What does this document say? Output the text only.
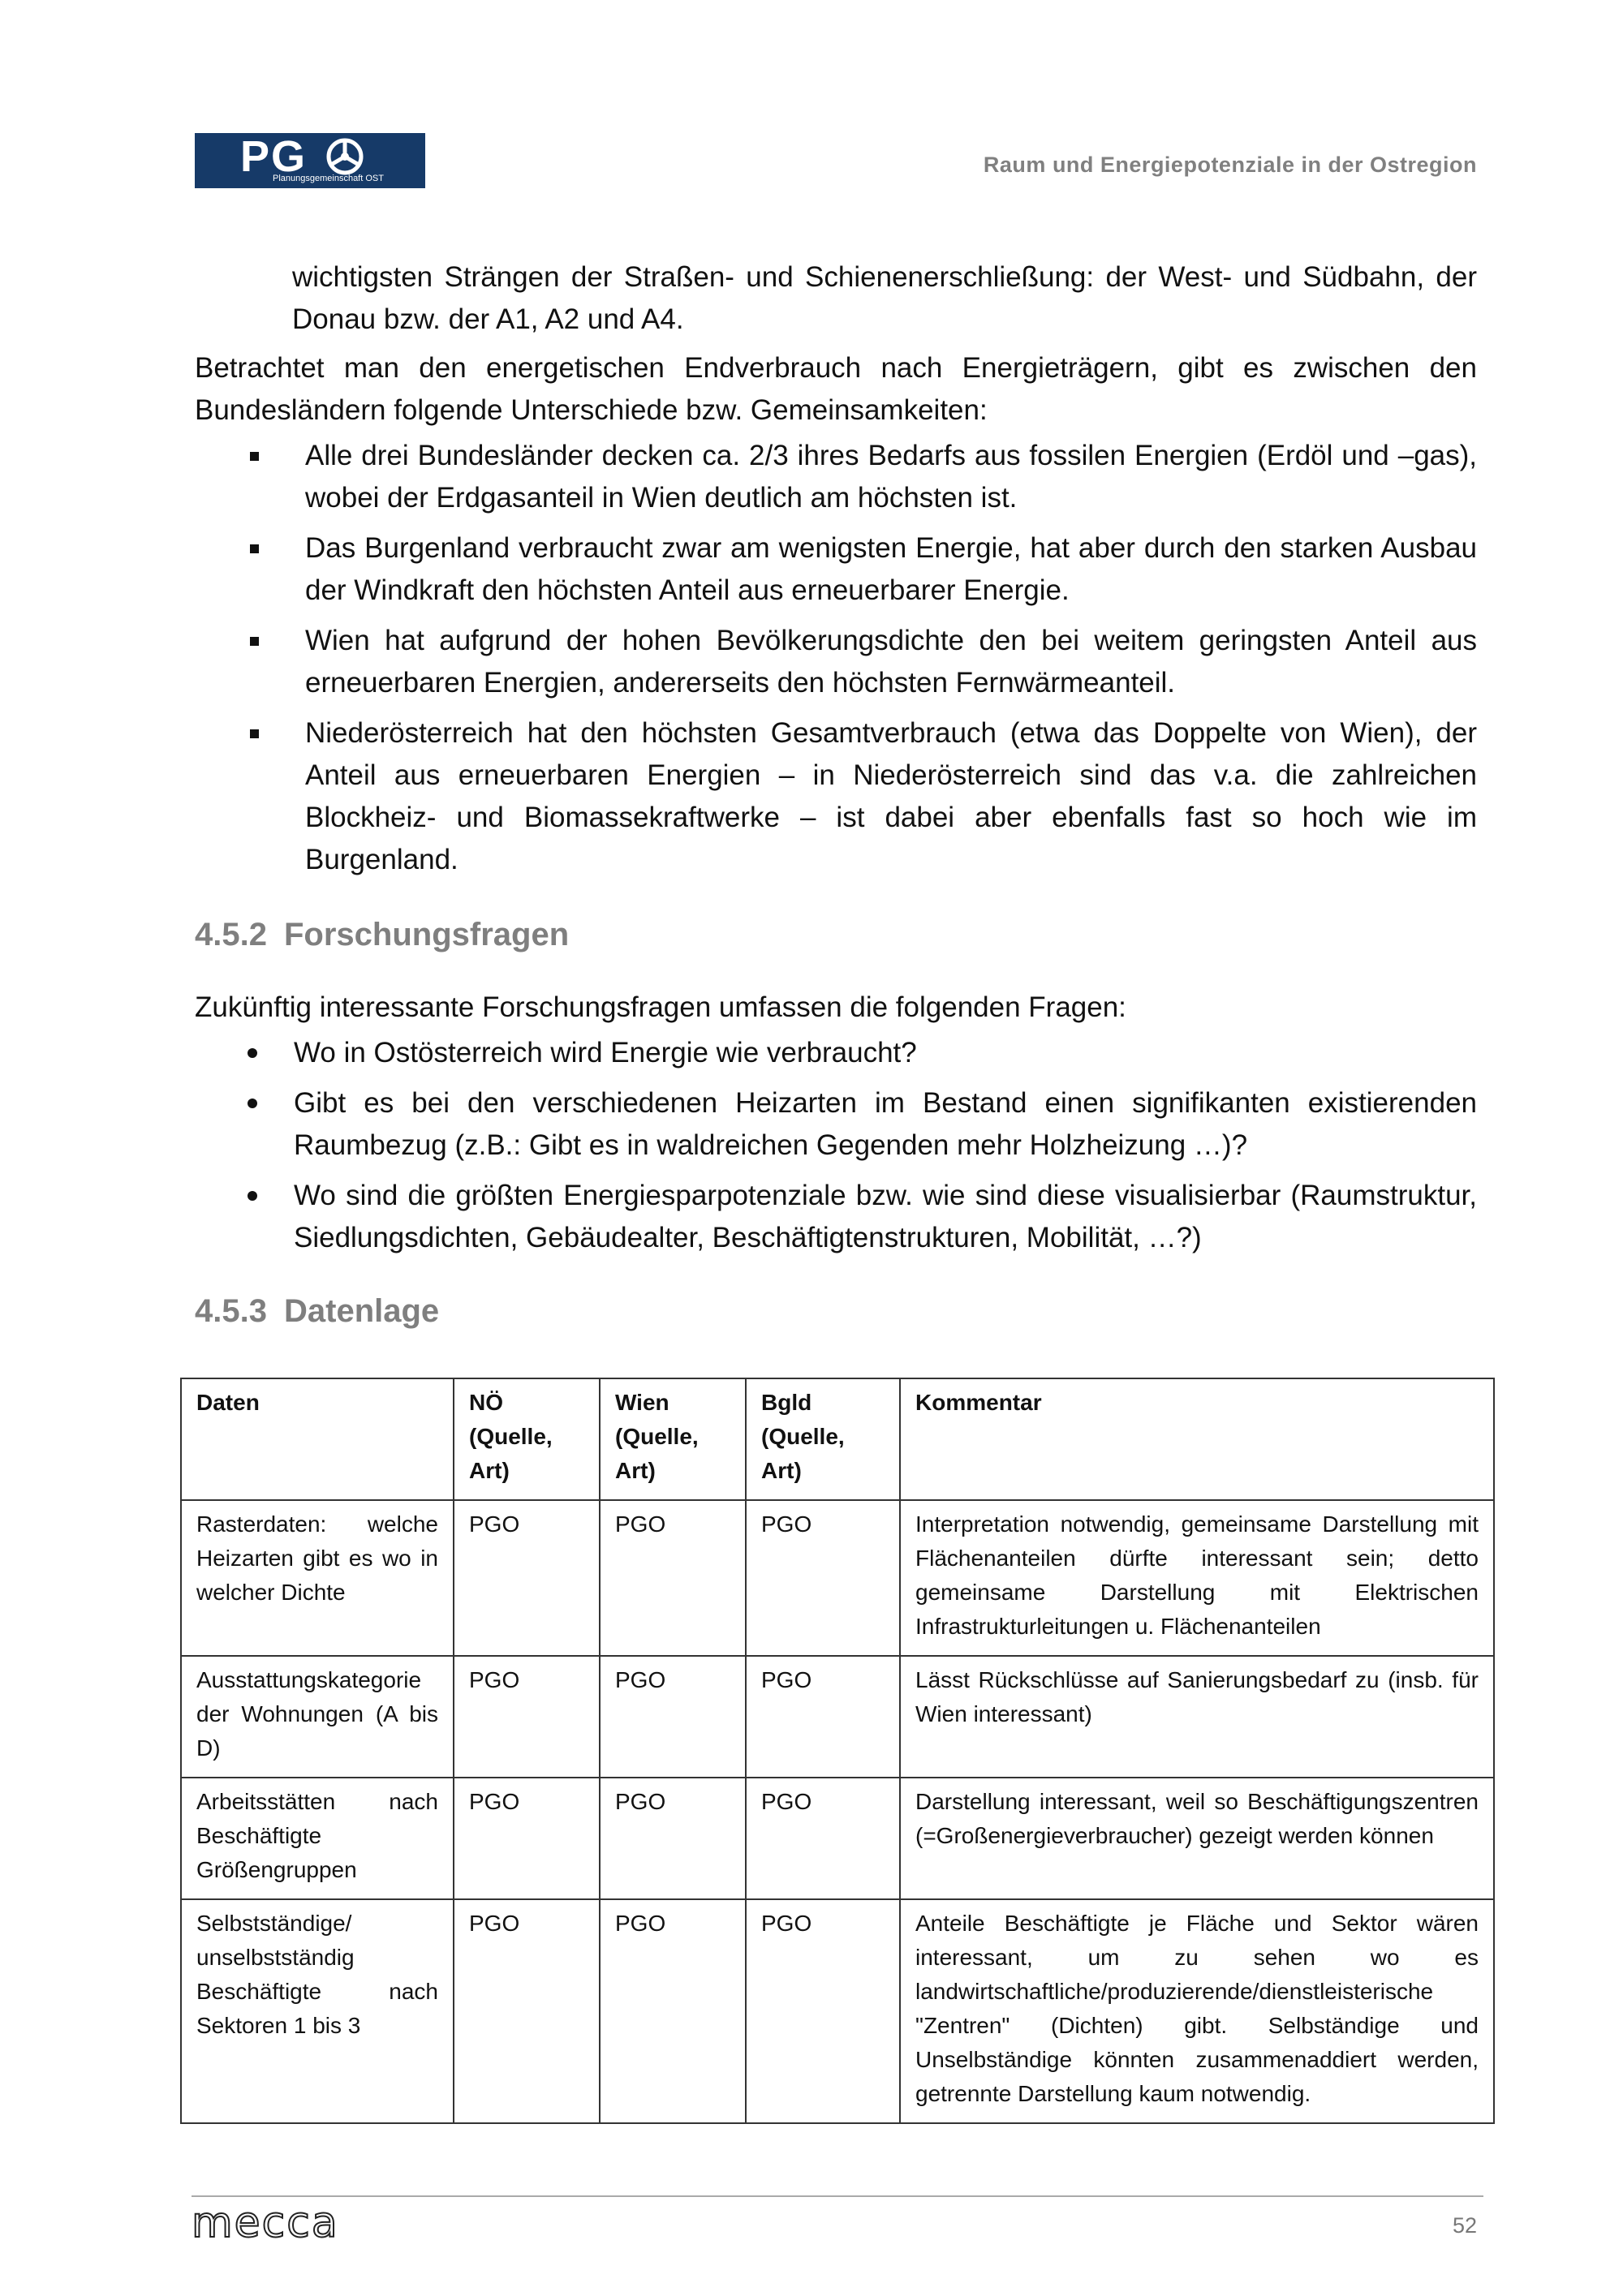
PG
Planungsgemeinschaft OST
Raum und Energiepotenziale in der Ostregion

wichtigsten Strängen der Straßen- und Schienenerschließung: der West- und Südbahn, der Donau bzw. der A1, A2 und A4.

Betrachtet man den energetischen Endverbrauch nach Energieträgern, gibt es zwischen den Bundesländern folgende Unterschiede bzw. Gemeinsamkeiten:

Alle drei Bundesländer decken ca. 2/3 ihres Bedarfs aus fossilen Energien (Erdöl und –gas), wobei der Erdgasanteil in Wien deutlich am höchsten ist.
Das Burgenland verbraucht zwar am wenigsten Energie, hat aber durch den starken Ausbau der Windkraft den höchsten Anteil aus erneuerbarer Energie.
Wien hat aufgrund der hohen Bevölkerungsdichte den bei weitem geringsten Anteil aus erneuerbaren Energien, andererseits den höchsten Fernwärmeanteil.
Niederösterreich hat den höchsten Gesamtverbrauch (etwa das Doppelte von Wien), der Anteil aus erneuerbaren Energien – in Niederösterreich sind das v.a. die zahlreichen Blockheiz- und Biomassekraftwerke – ist dabei aber ebenfalls fast so hoch wie im Burgenland.
4.5.2 Forschungsfragen

Zukünftig interessante Forschungsfragen umfassen die folgenden Fragen:

Wo in Ostösterreich wird Energie wie verbraucht?
Gibt es bei den verschiedenen Heizarten im Bestand einen signifikanten existierenden Raumbezug (z.B.: Gibt es in waldreichen Gegenden mehr Holzheizung …)?
Wo sind die größten Energiesparpotenziale bzw. wie sind diese visualisierbar (Raumstruktur, Siedlungsdichten, Gebäudealter, Beschäftigtenstrukturen, Mobilität, …?)
4.5.3 Datenlage
Daten	NÖ (Quelle, Art)	Wien (Quelle, Art)	Bgld (Quelle, Art)	Kommentar
Rasterdaten: welche Heizarten gibt es wo in welcher Dichte	PGO	PGO	PGO	Interpretation notwendig, gemeinsame Darstellung mit Flächenanteilen dürfte interessant sein; detto gemeinsame Darstellung mit Elektrischen Infrastrukturleitungen u. Flächenanteilen
Ausstattungskategorie der Wohnungen (A bis D)	PGO	PGO	PGO	Lässt Rückschlüsse auf Sanierungsbedarf zu (insb. für Wien interessant)
Arbeitsstätten nach Beschäftigte Größengruppen	PGO	PGO	PGO	Darstellung interessant, weil so Beschäftigungszentren (=Großenergieverbraucher) gezeigt werden können
Selbstständige/ unselbstständig Beschäftigte nach Sektoren 1 bis 3	PGO	PGO	PGO	Anteile Beschäftigte je Fläche und Sektor wären interessant, um zu sehen wo es landwirtschaftliche/produzierende/dienstleisterische "Zentren" (Dichten) gibt. Selbständige und Unselbständige könnten zusammenaddiert werden, getrennte Darstellung kaum notwendig.
mecca	52
